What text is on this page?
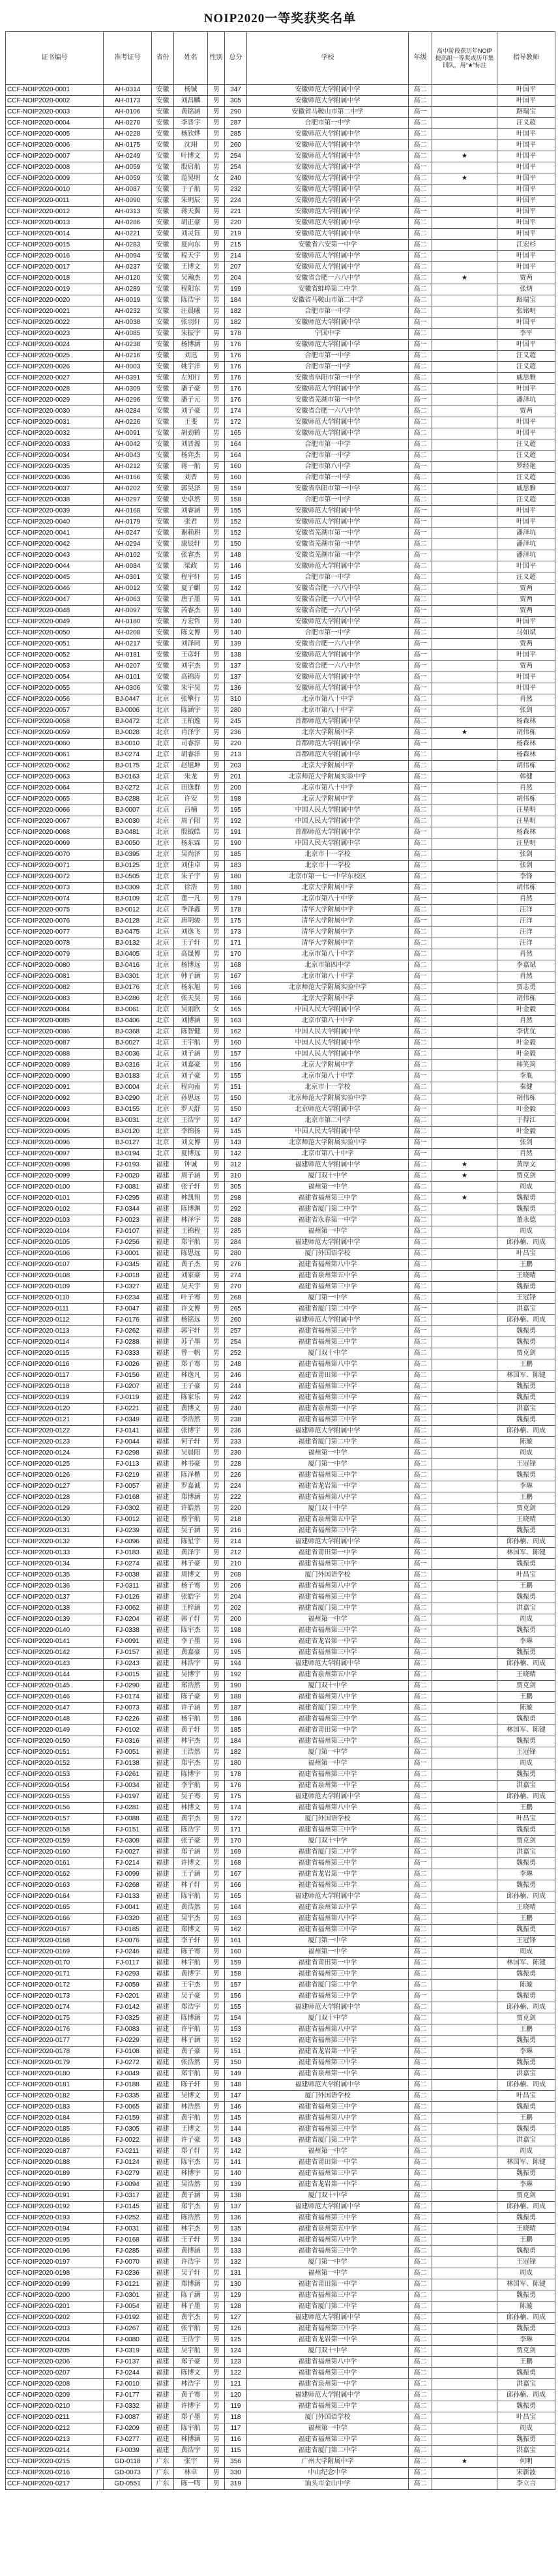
NOIP2020一等奖获奖名单
证书编号	准考证号	省份	姓名	性别	总分	学校	年级	高中阶段获历年NOIP 提高组一等奖或历年集训队，用“★”标注	指导教师
CCF-NOIP2020-0001	AH-0314	安徽	杨铖	男	347	安徽师范大学附属中学	高二		叶国平
CCF-NOIP2020-0002	AH-0173	安徽	刘昌麟	男	305	安徽师范大学附属中学	高二		叶国平
CCF-NOIP2020-0003	AH-0106	安徽	黄铭涵	男	290	安徽省马鞍山市第二中学	高一		路瑞宝
CCF-NOIP2020-0004	AH-0270	安徽	李晋宇	男	287	合肥市第一中学	高二		汪义超
CCF-NOIP2020-0005	AH-0228	安徽	杨欣烨	男	285	安徽师范大学附属中学	高二		叶国平
CCF-NOIP2020-0006	AH-0175	安徽	沈翊	男	260	安徽师范大学附属中学	高二		叶国平
CCF-NOIP2020-0007	AH-0249	安徽	叶博文	男	254	安徽师范大学附属中学	高二	★	叶国平
CCF-NOIP2020-0008	AH-0059	安徽	殷启航	男	254	安徽师范大学附属中学	高一		叶国平
CCF-NOIP2020-0009	AH-0059	安徽	范昊明	女	240	安徽师范大学附属中学	高二	★	叶国平
CCF-NOIP2020-0010	AH-0087	安徽	于子航	男	232	安徽师范大学附属中学	高二		叶国平
CCF-NOIP2020-0011	AH-0090	安徽	朱玥辰	男	224	安徽师范大学附属中学	高二		叶国平
CCF-NOIP2020-0012	AH-0313	安徽	蒋天翼	男	221	安徽师范大学附属中学	高一		叶国平
CCF-NOIP2020-0013	AH-0286	安徽	胡正豪	男	220	安徽师范大学附属中学	高二		叶国平
CCF-NOIP2020-0014	AH-0221	安徽	刘灵钰	男	219	安徽师范大学附属中学	高二		叶国平
CCF-NOIP2020-0015	AH-0283	安徽	夏向东	男	215	安徽省六安第一中学	高二		江宏杉
CCF-NOIP2020-0016	AH-0094	安徽	程天宇	男	214	安徽师范大学附属中学	高二		叶国平
CCF-NOIP2020-0017	AH-0237	安徽	王博文	男	207	安徽师范大学附属中学	高二		叶国平
CCF-NOIP2020-0018	AH-0120	安徽	吴瀚杰	男	204	安徽省合肥一六八中学	高二	★	贾两
CCF-NOIP2020-0019	AH-0289	安徽	程阳东	男	199	安徽省蚌埠第二中学	高二		张炳
CCF-NOIP2020-0020	AH-0019	安徽	陈浩宇	男	184	安徽省马鞍山市第二中学	高二		路瑞宝
CCF-NOIP2020-0021	AH-0232	安徽	汪晨曦	男	182	合肥市第一中学	高二		张铭明
CCF-NOIP2020-0022	AH-0038	安徽	张羽轩	男	182	安徽师范大学附属中学	高一		叶国平
CCF-NOIP2020-0023	AH-0085	安徽	朱振宇	男	178	宁国中学	高二		李平
CCF-NOIP2020-0024	AH-0238	安徽	杨博涵	男	176	安徽师范大学附属中学	高一		叶国平
CCF-NOIP2020-0025	AH-0216	安徽	刘迅	男	176	合肥市第一中学	高二		汪义超
CCF-NOIP2020-0026	AH-0003	安徽	姚宇洋	男	176	合肥市第一中学	高二		汪义超
CCF-NOIP2020-0027	AH-0391	安徽	左知行	男	176	安徽省阜阳市第一中学	高二		戚思雅
CCF-NOIP2020-0028	AH-0309	安徽	潘子豪	男	176	安徽师范大学附属中学	高二		叶国平
CCF-NOIP2020-0029	AH-0296	安徽	潘子元	男	176	安徽省芜湖市第一中学	高一		潘泽坑
CCF-NOIP2020-0030	AH-0284	安徽	刘子豪	男	174	安徽省合肥一六八中学	高二		贾两
CCF-NOIP2020-0031	AH-0226	安徽	王斐	男	172	安徽师范大学附属中学	高二		叶国平
CCF-NOIP2020-0032	AH-0091	安徽	胡劲鹤	男	165	安徽师范大学附属中学	高二		叶国平
CCF-NOIP2020-0033	AH-0042	安徽	刘晋源	男	164	合肥市第一中学	高二		汪义超
CCF-NOIP2020-0034	AH-0043	安徽	杨弈杰	男	164	合肥市第一中学	高二		汪义超
CCF-NOIP2020-0035	AH-0212	安徽	蒋一航	男	160	合肥市第八中学	高一		罗经艳
CCF-NOIP2020-0036	AH-0166	安徽	刘晋	男	160	合肥市第一中学	高二		汪义超
CCF-NOIP2020-0037	AH-0202	安徽	郭昊泽	男	159	安徽省阜阳市第一中学	高二		戚思雅
CCF-NOIP2020-0038	AH-0297	安徽	史卓然	男	158	合肥市第一中学	高二		汪义超
CCF-NOIP2020-0039	AH-0168	安徽	刘睿涵	男	155	安徽师范大学附属中学	高一		叶国平
CCF-NOIP2020-0040	AH-0179	安徽	张君	男	152	安徽师范大学附属中学	高一		叶国平
CCF-NOIP2020-0041	AH-0247	安徽	谢赖耕	男	152	安徽省芜湖市第一中学	高一		潘泽坑
CCF-NOIP2020-0042	AH-0294	安徽	康辰轩	男	150	安徽省芜湖市第一中学	高二		潘泽坑
CCF-NOIP2020-0043	AH-0102	安徽	张睿杰	男	148	安徽省芜湖市第一中学	高一		潘泽坑
CCF-NOIP2020-0044	AH-0084	安徽	梁政	男	146	安徽师范大学附属中学	高二		叶国平
CCF-NOIP2020-0045	AH-0301	安徽	程宇轩	男	145	合肥市第一中学	高二		汪义超
CCF-NOIP2020-0046	AH-0012	安徽	夏子麒	男	142	安徽省合肥一六八中学	高二		贾两
CCF-NOIP2020-0047	AH-0063	安徽	唐子墨	男	141	安徽省合肥一六八中学	高二		贾两
CCF-NOIP2020-0048	AH-0097	安徽	芮睿杰	男	140	安徽省合肥一六八中学	高一		贾两
CCF-NOIP2020-0049	AH-0180	安徽	方宏哲	男	140	安徽师范大学附属中学	高二		叶国平
CCF-NOIP2020-0050	AH-0208	安徽	陈文博	男	140	合肥市第一中学	高二		马如斌
CCF-NOIP2020-0051	AH-0217	安徽	刘泽同	男	139	安徽省合肥一六八中学	高一		贾两
CCF-NOIP2020-0052	AH-0181	安徽	王彦轩	男	138	安徽师范大学附属中学	高一		叶国平
CCF-NOIP2020-0053	AH-0207	安徽	刘宇杰	男	137	安徽省合肥一六八中学	高一		贾两
CCF-NOIP2020-0054	AH-0101	安徽	高锦涛	男	137	安徽师范大学附属中学	高一		叶国平
CCF-NOIP2020-0055	AH-0306	安徽	朱宇昊	男	136	安徽师范大学附属中学	高一		叶国平
CCF-NOIP2020-0056	BJ-0447	北京	张擎行	男	310	北京市第八十中学	高二		肖然
CCF-NOIP2020-0057	BJ-0006	北京	陈涵宇	男	280	北京市第八十中学	高一		张剑
CCF-NOIP2020-0058	BJ-0472	北京	王柏逸	男	245	首都师范大学附属中学	高二		杨森林
CCF-NOIP2020-0059	BJ-0028	北京	肖泽宇	男	236	北京大学附属中学	高二	★	胡伟栋
CCF-NOIP2020-0060	BJ-0010	北京	司睿淳	男	220	首都师范大学附属中学	高一		杨森林
CCF-NOIP2020-0061	BJ-0274	北京	胡睿洋	男	213	首都师范大学附属中学	高二		杨森林
CCF-NOIP2020-0062	BJ-0175	北京	赵旭坤	男	203	北京大学附属中学	高二		胡伟栋
CCF-NOIP2020-0063	BJ-0163	北京	朱龙	男	201	北京师范大学附属实验中学	高二		韩健
CCF-NOIP2020-0064	BJ-0272	北京	田逸群	男	200	北京市第八十中学	高一		肖然
CCF-NOIP2020-0065	BJ-0288	北京	许安	男	198	北京大学附属中学	高二		胡伟栋
CCF-NOIP2020-0066	BJ-0007	北京	吕楠	男	195	中国人民大学附属中学	高二		汪星明
CCF-NOIP2020-0067	BJ-0030	北京	周子阳	男	192	中国人民大学附属中学	高二		汪星明
CCF-NOIP2020-0068	BJ-0481	北京	殷钺皓	男	191	首都师范大学附属中学	高一		杨森林
CCF-NOIP2020-0069	BJ-0050	北京	杨东霖	男	190	中国人民大学附属中学	高二		汪星明
CCF-NOIP2020-0070	BJ-0395	北京	吴尚泽	男	185	北京市十一学校	高二		张剑
CCF-NOIP2020-0071	BJ-0125	北京	刘佳卓	男	183	北京市十一学校	高二		张剑
CCF-NOIP2020-0072	BJ-0505	北京	朱子宇	男	180	北京市第一七一中学东校区	高二		李锋
CCF-NOIP2020-0073	BJ-0309	北京	徐浩	男	180	北京大学附属中学	高二		胡伟栋
CCF-NOIP2020-0074	BJ-0109	北京	董一凡	男	179	北京市第八十中学	高一		肖然
CCF-NOIP2020-0075	BJ-0012	北京	季泽鑫	男	178	清华大学附属中学	高二		汪洋
CCF-NOIP2020-0076	BJ-0128	北京	唐明骏	男	175	清华大学附属中学	高一		汪洋
CCF-NOIP2020-0077	BJ-0475	北京	刘逸飞	男	173	清华大学附属中学	高二		汪洋
CCF-NOIP2020-0078	BJ-0132	北京	王子轩	男	171	清华大学附属中学	高二		汪洋
CCF-NOIP2020-0079	BJ-0405	北京	高晟博	男	170	北京市第八十中学	高二		肖然
CCF-NOIP2020-0080	BJ-0416	北京	杨博远	男	168	北京市第四中学	高二		李嘉斌
CCF-NOIP2020-0081	BJ-0301	北京	韩子涵	男	167	北京市第八十中学	高一		肖然
CCF-NOIP2020-0082	BJ-0176	北京	杨东旭	男	166	北京师范大学附属实验中学	高二		贾志勇
CCF-NOIP2020-0083	BJ-0286	北京	张天昊	男	166	北京大学附属中学	高二		胡伟栋
CCF-NOIP2020-0084	BJ-0061	北京	吴雨欣	女	165	中国人民大学附属中学	高二		叶金毅
CCF-NOIP2020-0085	BJ-0406	北京	刘博涵	男	163	北京市第八十中学	高二		肖然
CCF-NOIP2020-0086	BJ-0368	北京	陈智健	男	162	中国人民大学附属中学	高二		李优优
CCF-NOIP2020-0087	BJ-0027	北京	王宇航	男	160	中国人民大学附属中学	高二		叶金毅
CCF-NOIP2020-0088	BJ-0036	北京	刘子涵	男	157	中国人民大学附属中学	高二		叶金毅
CCF-NOIP2020-0089	BJ-0316	北京	刘嘉豪	男	156	北京大学附属中学	高二		韩笑筠
CCF-NOIP2020-0090	BJ-0183	北京	刘子豪	男	155	北京市第八十中学	高一		李胤
CCF-NOIP2020-0091	BJ-0004	北京	程向南	男	151	北京市十一学校	高二		秦健
CCF-NOIP2020-0092	BJ-0290	北京	孙思远	男	150	北京师范大学附属实验中学	高二		胡伟栋
CCF-NOIP2020-0093	BJ-0155	北京	罗天舒	男	150	北京师范大学附属中学	高一		叶金毅
CCF-NOIP2020-0094	BJ-0031	北京	王浩宇	男	147	北京市第二中学	高二		于得江
CCF-NOIP2020-0095	BJ-0120	北京	李锦扬	男	145	中国人民大学附属中学	高二		叶金毅
CCF-NOIP2020-0096	BJ-0127	北京	刘文博	男	143	北京师范大学附属实验中学	高一		张剑
CCF-NOIP2020-0097	BJ-0194	北京	夏博远	男	142	北京市第八十中学	高一		肖然
CCF-NOIP2020-0098	FJ-0193	福建	钟诚	男	312	福建师范大学附属中学	高二	★	黄厚文
CCF-NOIP2020-0099	FJ-0020	福建	周子涵	男	310	厦门双十中学	高二	★	贾克剑
CCF-NOIP2020-0100	FJ-0081	福建	张子轩	男	305	福州第一中学	高二		周成
CCF-NOIP2020-0101	FJ-0295	福建	林凯翔	男	298	福建省福州第三中学	高二	★	魏振勇
CCF-NOIP2020-0102	FJ-0344	福建	陈博渊	男	292	福建省厦门第二中学	高二		魏振勇
CCF-NOIP2020-0103	FJ-0023	福建	林泽宇	男	288	福建省永春第一中学	高二		董永德
CCF-NOIP2020-0104	FJ-0107	福建	王锦程	男	285	福州第一中学	高二		周成
CCF-NOIP2020-0105	FJ-0256	福建	郑宇航	男	284	福建师范大学附属中学	高二		邱孙楠、周成
CCF-NOIP2020-0106	FJ-0001	福建	陈思远	男	280	厦门外国语学校	高二		叶昌宝
CCF-NOIP2020-0107	FJ-0345	福建	黄子杰	男	276	福建省福州第八中学	高二		王鹏
CCF-NOIP2020-0108	FJ-0018	福建	刘家豪	男	274	福建省泉州第五中学	高二		王晓晴
CCF-NOIP2020-0109	FJ-0327	福建	吴天宇	男	270	福建省福州第三中学	高二		魏振勇
CCF-NOIP2020-0110	FJ-0234	福建	叶子骞	男	268	厦门第一中学	高二		王冠锋
CCF-NOIP2020-0111	FJ-0047	福建	许文博	男	265	福建省厦门第二中学	高一		洪嘉宝
CCF-NOIP2020-0112	FJ-0176	福建	杨铭远	男	260	福建师范大学附属中学	高二		邱孙楠、周成
CCF-NOIP2020-0113	FJ-0262	福建	郭宇轩	男	257	福建省福州第三中学	高一		魏振勇
CCF-NOIP2020-0114	FJ-0288	福建	苏子墨	男	254	福建省福州第三中学	高二		魏振勇
CCF-NOIP2020-0115	FJ-0333	福建	曾一帆	男	252	厦门双十中学	高二		贾克剑
CCF-NOIP2020-0116	FJ-0026	福建	郑子骞	男	248	福建省福州第八中学	高二		王鹏
CCF-NOIP2020-0117	FJ-0156	福建	林逸凡	男	246	福建省莆田第一中学	高二		林国军、陈键
CCF-NOIP2020-0118	FJ-0207	福建	王子豪	男	244	福建省福州第三中学	高二		魏振勇
CCF-NOIP2020-0119	FJ-0119	福建	陈家乐	男	242	福建省福州第三中学	高一		魏振勇
CCF-NOIP2020-0120	FJ-0221	福建	黄博文	男	240	福建省泉州第一中学	高二		洪嘉宝
CCF-NOIP2020-0121	FJ-0349	福建	李浩然	男	238	福建省福州第三中学	高二		魏振勇
CCF-NOIP2020-0122	FJ-0141	福建	张博宇	男	236	福建师范大学附属中学	高二		邱孙楠、周成
CCF-NOIP2020-0123	FJ-0044	福建	何子轩	男	233	福建省厦门第二中学	高二		陈璇
CCF-NOIP2020-0124	FJ-0298	福建	吴晨阳	男	230	福州第一中学	高二		周成
CCF-NOIP2020-0125	FJ-0113	福建	林书豪	男	228	厦门第一中学	高二		王冠锋
CCF-NOIP2020-0126	FJ-0219	福建	陈泽楷	男	226	福建省福州第三中学	高二		魏振勇
CCF-NOIP2020-0127	FJ-0057	福建	罗嘉诚	男	224	福建省龙岩第一中学	高二		李琳
CCF-NOIP2020-0128	FJ-0168	福建	郑博涵	男	222	福建省福州第八中学	高二		王鹏
CCF-NOIP2020-0129	FJ-0302	福建	许皓然	男	220	厦门双十中学	高二		贾克剑
CCF-NOIP2020-0130	FJ-0012	福建	蔡宇航	男	218	福建省泉州第五中学	高二		王晓晴
CCF-NOIP2020-0131	FJ-0239	福建	吴子涵	男	216	福建省福州第三中学	高二		魏振勇
CCF-NOIP2020-0132	FJ-0096	福建	陈星宇	男	214	福建师范大学附属中学	高二		邱孙楠、周成
CCF-NOIP2020-0133	FJ-0183	福建	黄泽宇	男	212	福建省莆田第一中学	高二		林国军、陈键
CCF-NOIP2020-0134	FJ-0274	福建	林子豪	男	210	福建省福州第三中学	高一		魏振勇
CCF-NOIP2020-0135	FJ-0038	福建	周博文	男	208	厦门外国语学校	高二		叶昌宝
CCF-NOIP2020-0136	FJ-0311	福建	杨子骞	男	206	福建省福州第八中学	高二		王鹏
CCF-NOIP2020-0137	FJ-0126	福建	张皓宇	男	204	福建省福州第三中学	高二		魏振勇
CCF-NOIP2020-0138	FJ-0062	福建	王梓涵	男	202	福建省厦门第二中学	高二		洪嘉宝
CCF-NOIP2020-0139	FJ-0204	福建	郭子轩	男	200	福州第一中学	高二		周成
CCF-NOIP2020-0140	FJ-0338	福建	陈宇杰	男	198	福建省福州第三中学	高一		魏振勇
CCF-NOIP2020-0141	FJ-0091	福建	李子墨	男	196	福建省龙岩第一中学	高二		李琳
CCF-NOIP2020-0142	FJ-0157	福建	黄嘉豪	男	195	福建省福州第三中学	高二		魏振勇
CCF-NOIP2020-0143	FJ-0243	福建	林浩宇	男	194	福建师范大学附属中学	高二		邱孙楠、周成
CCF-NOIP2020-0144	FJ-0015	福建	吴博宇	男	192	福建省泉州第五中学	高二		王晓晴
CCF-NOIP2020-0145	FJ-0290	福建	郑浩然	男	190	厦门双十中学	高二		贾克剑
CCF-NOIP2020-0146	FJ-0174	福建	陈子豪	男	188	福建省福州第八中学	高二		王鹏
CCF-NOIP2020-0147	FJ-0073	福建	许子涵	男	187	福建省厦门第二中学	高二		陈璇
CCF-NOIP2020-0148	FJ-0226	福建	杨宇航	男	186	福建省福州第三中学	高二		魏振勇
CCF-NOIP2020-0149	FJ-0102	福建	黄子轩	男	185	福建省莆田第一中学	高二		林国军、陈键
CCF-NOIP2020-0150	FJ-0316	福建	林宇杰	男	184	福建省福州第三中学	高二		魏振勇
CCF-NOIP2020-0151	FJ-0051	福建	王浩然	男	182	厦门第一中学	高二		王冠锋
CCF-NOIP2020-0152	FJ-0138	福建	郑宇杰	男	180	福州第一中学	高一		周成
CCF-NOIP2020-0153	FJ-0261	福建	陈博宇	男	178	福建省福州第三中学	高二		魏振勇
CCF-NOIP2020-0154	FJ-0034	福建	李宇航	男	176	福建省泉州第一中学	高二		洪嘉宝
CCF-NOIP2020-0155	FJ-0197	福建	吴子骞	男	175	福建师范大学附属中学	高二		邱孙楠、周成
CCF-NOIP2020-0156	FJ-0281	福建	林博文	男	174	福建省福州第八中学	高二		王鹏
CCF-NOIP2020-0157	FJ-0088	福建	黄宇杰	男	172	厦门外国语学校	高二		叶昌宝
CCF-NOIP2020-0158	FJ-0151	福建	陈浩宇	男	171	福建省福州第三中学	高二		魏振勇
CCF-NOIP2020-0159	FJ-0309	福建	张子豪	男	170	厦门双十中学	高二		贾克剑
CCF-NOIP2020-0160	FJ-0027	福建	郑子涵	男	169	福建省厦门第二中学	高二		洪嘉宝
CCF-NOIP2020-0161	FJ-0214	福建	许博文	男	168	福建省福州第三中学	高一		魏振勇
CCF-NOIP2020-0162	FJ-0099	福建	王子涵	男	167	福建省龙岩第一中学	高二		李琳
CCF-NOIP2020-0163	FJ-0268	福建	林子轩	男	166	福建省福州第三中学	高二		魏振勇
CCF-NOIP2020-0164	FJ-0133	福建	陈宇航	男	165	福建师范大学附属中学	高二		邱孙楠、周成
CCF-NOIP2020-0165	FJ-0041	福建	黄浩然	男	164	福建省泉州第五中学	高二		王晓晴
CCF-NOIP2020-0166	FJ-0320	福建	吴宇杰	男	163	福建省福州第八中学	高二		王鹏
CCF-NOIP2020-0167	FJ-0185	福建	郑博文	男	162	福建省福州第三中学	高二		魏振勇
CCF-NOIP2020-0168	FJ-0076	福建	李子轩	男	161	厦门第一中学	高二		王冠锋
CCF-NOIP2020-0169	FJ-0246	福建	陈子骞	男	160	福州第一中学	高二		周成
CCF-NOIP2020-0170	FJ-0117	福建	林宇航	男	159	福建省莆田第一中学	高二		林国军、陈键
CCF-NOIP2020-0171	FJ-0293	福建	黄博宇	男	158	福建省福州第三中学	高二		魏振勇
CCF-NOIP2020-0172	FJ-0059	福建	王宇杰	男	157	福建省厦门第二中学	高二		陈璇
CCF-NOIP2020-0173	FJ-0201	福建	吴子豪	男	156	福建省福州第三中学	高一		魏振勇
CCF-NOIP2020-0174	FJ-0142	福建	郑浩宇	男	155	福建师范大学附属中学	高二		邱孙楠、周成
CCF-NOIP2020-0175	FJ-0325	福建	陈博涵	男	154	厦门双十中学	高二		贾克剑
CCF-NOIP2020-0176	FJ-0083	福建	许宇航	男	153	福建省福州第八中学	高二		王鹏
CCF-NOIP2020-0177	FJ-0229	福建	林子涵	男	152	福建省福州第三中学	高二		魏振勇
CCF-NOIP2020-0178	FJ-0108	福建	黄子豪	男	151	福建省龙岩第一中学	高二		李琳
CCF-NOIP2020-0179	FJ-0272	福建	张浩然	男	150	福建省福州第三中学	高二		魏振勇
CCF-NOIP2020-0180	FJ-0049	福建	郑宇航	男	149	福建省泉州第一中学	高二		洪嘉宝
CCF-NOIP2020-0181	FJ-0188	福建	陈子轩	男	148	福建师范大学附属中学	高二		邱孙楠、周成
CCF-NOIP2020-0182	FJ-0335	福建	吴博文	男	147	厦门外国语学校	高二		叶昌宝
CCF-NOIP2020-0183	FJ-0065	福建	林浩然	男	146	福建省福州第三中学	高二		魏振勇
CCF-NOIP2020-0184	FJ-0159	福建	黄宇航	男	145	福建省福州第八中学	高二		王鹏
CCF-NOIP2020-0185	FJ-0305	福建	王博文	男	144	福建省福州第三中学	高二		魏振勇
CCF-NOIP2020-0186	FJ-0022	福建	许子豪	男	143	福建省厦门第二中学	高二		洪嘉宝
CCF-NOIP2020-0187	FJ-0211	福建	郑子轩	男	142	福州第一中学	高二		周成
CCF-NOIP2020-0188	FJ-0124	福建	陈宇杰	男	141	福建省莆田第一中学	高二		林国军、陈键
CCF-NOIP2020-0189	FJ-0279	福建	林博宇	男	140	福建省福州第三中学	高二		魏振勇
CCF-NOIP2020-0190	FJ-0094	福建	吴浩然	男	139	福建省龙岩第一中学	高二		李琳
CCF-NOIP2020-0191	FJ-0317	福建	黄子涵	男	138	厦门双十中学	高二		贾克剑
CCF-NOIP2020-0192	FJ-0145	福建	郑宇杰	男	137	福建师范大学附属中学	高二		邱孙楠、周成
CCF-NOIP2020-0193	FJ-0252	福建	陈浩然	男	136	福建省福州第三中学	高二		魏振勇
CCF-NOIP2020-0194	FJ-0031	福建	林宇杰	男	135	福建省泉州第五中学	高二		王晓晴
CCF-NOIP2020-0195	FJ-0168	福建	王子轩	男	134	福建省福州第八中学	高二		王鹏
CCF-NOIP2020-0196	FJ-0285	福建	黄博涵	男	133	福建省福州第三中学	高二		魏振勇
CCF-NOIP2020-0197	FJ-0070	福建	许浩宇	男	132	厦门第一中学	高二		王冠锋
CCF-NOIP2020-0198	FJ-0236	福建	吴子轩	男	131	福州第一中学	高二		周成
CCF-NOIP2020-0199	FJ-0121	福建	郑博涵	男	130	福建省莆田第一中学	高二		林国军、陈键
CCF-NOIP2020-0200	FJ-0301	福建	陈子涵	男	129	福建省福州第三中学	高二		魏振勇
CCF-NOIP2020-0201	FJ-0054	福建	林子墨	男	128	福建省厦门第二中学	高二		陈璇
CCF-NOIP2020-0202	FJ-0192	福建	黄宇杰	男	127	福建师范大学附属中学	高二		邱孙楠、周成
CCF-NOIP2020-0203	FJ-0267	福建	张宇航	男	126	福建省福州第三中学	高二		魏振勇
CCF-NOIP2020-0204	FJ-0080	福建	王浩宇	男	125	福建省龙岩第一中学	高二		李琳
CCF-NOIP2020-0205	FJ-0319	福建	吴宇航	男	124	厦门双十中学	高二		贾克剑
CCF-NOIP2020-0206	FJ-0137	福建	郑子豪	男	123	福建省福州第八中学	高二		王鹏
CCF-NOIP2020-0207	FJ-0244	福建	陈博文	男	122	福建省福州第三中学	高二		魏振勇
CCF-NOIP2020-0208	FJ-0010	福建	林浩宇	男	121	福建省泉州第一中学	高二		洪嘉宝
CCF-NOIP2020-0209	FJ-0177	福建	黄子骞	男	120	福建师范大学附属中学	高二		邱孙楠、周成
CCF-NOIP2020-0210	FJ-0332	福建	许博宇	男	119	福建省福州第三中学	高二		魏振勇
CCF-NOIP2020-0211	FJ-0087	福建	郑子墨	男	118	厦门外国语学校	高二		叶昌宝
CCF-NOIP2020-0212	FJ-0209	福建	陈宇航	男	117	福州第一中学	高二		周成
CCF-NOIP2020-0213	FJ-0277	福建	林博涵	男	116	福建省福州第三中学	高二		魏振勇
CCF-NOIP2020-0214	FJ-0039	福建	黄浩宇	男	115	福建省厦门第二中学	高二		洪嘉宝
CCF-NOIP2020-0215	GD-0118	广东	张宇	男	356	广州大学附属中学	高二	★	何明
CCF-NOIP2020-0216	GD-0073	广东	林卓	男	330	中山纪念中学	高二		宋新波
CCF-NOIP2020-0217	GD-0551	广东	陈一鸣	男	319	汕头市金山中学	高二		李立言
